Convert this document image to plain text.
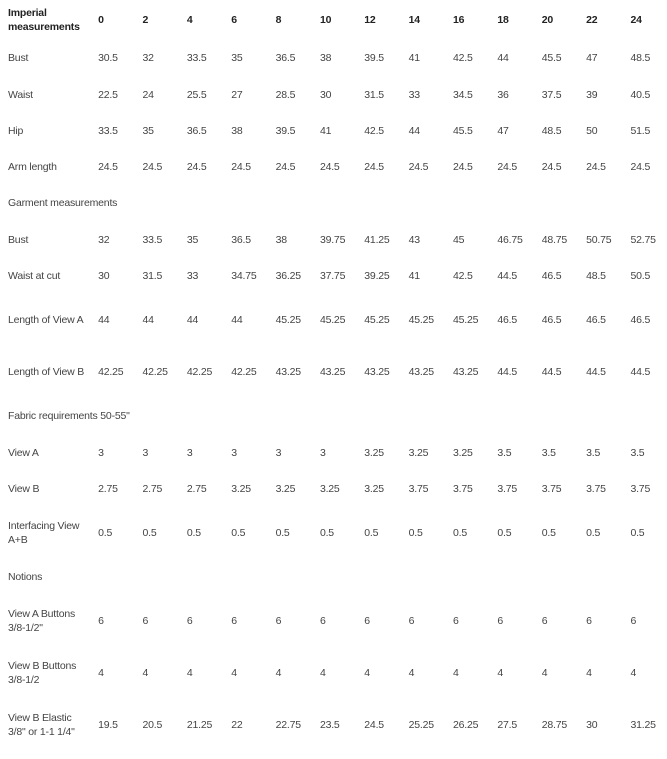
Imperial measurements	0	2	4	6	8	10	12	14	16	18	20	22	24
Bust	30.5	32	33.5	35	36.5	38	39.5	41	42.5	44	45.5	47	48.5
Waist	22.5	24	25.5	27	28.5	30	31.5	33	34.5	36	37.5	39	40.5
Hip	33.5	35	36.5	38	39.5	41	42.5	44	45.5	47	48.5	50	51.5
Arm length	24.5	24.5	24.5	24.5	24.5	24.5	24.5	24.5	24.5	24.5	24.5	24.5	24.5
Garment measurements													
Bust	32	33.5	35	36.5	38	39.75	41.25	43	45	46.75	48.75	50.75	52.75
Waist at cut	30	31.5	33	34.75	36.25	37.75	39.25	41	42.5	44.5	46.5	48.5	50.5
Length of View A	44	44	44	44	45.25	45.25	45.25	45.25	45.25	46.5	46.5	46.5	46.5
Length of View B	42.25	42.25	42.25	42.25	43.25	43.25	43.25	43.25	43.25	44.5	44.5	44.5	44.5
Fabric requirements 50-55"													
View A	3	3	3	3	3	3	3.25	3.25	3.25	3.5	3.5	3.5	3.5
View B	2.75	2.75	2.75	3.25	3.25	3.25	3.25	3.75	3.75	3.75	3.75	3.75	3.75
Interfacing View A+B	0.5	0.5	0.5	0.5	0.5	0.5	0.5	0.5	0.5	0.5	0.5	0.5	0.5
Notions													
View A Buttons 3/8-1/2"	6	6	6	6	6	6	6	6	6	6	6	6	6
View B Buttons 3/8-1/2	4	4	4	4	4	4	4	4	4	4	4	4	4
View B Elastic 3/8" or 1-1 1/4"	19.5	20.5	21.25	22	22.75	23.5	24.5	25.25	26.25	27.5	28.75	30	31.25
